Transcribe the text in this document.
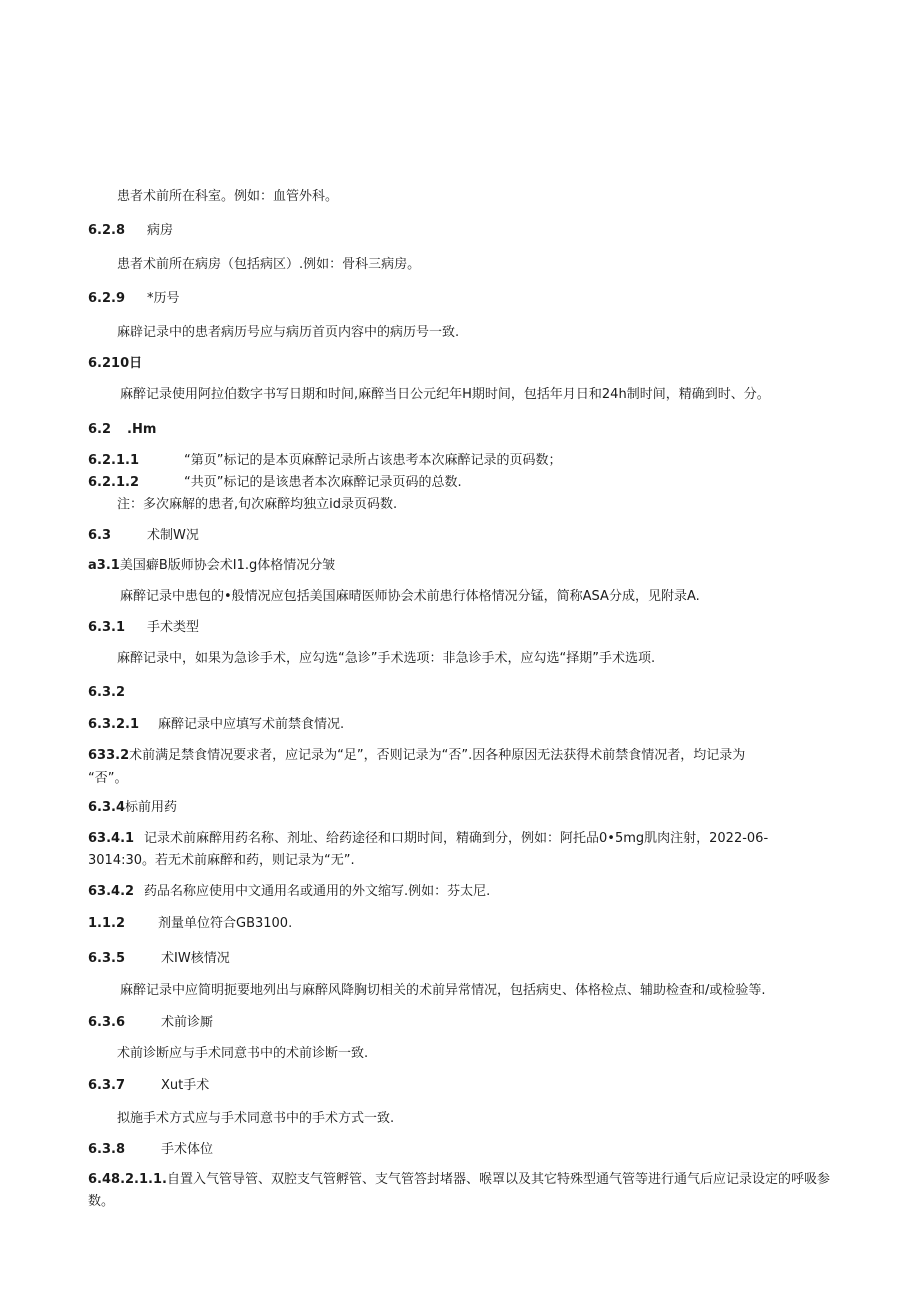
患者术前所在科室。例如：血管外科。
6.2.8 病房
患者术前所在病房（包括病区）.例如：骨科三病房。
6.2.9 *历号
麻辟记录中的患者病历号应与病历首页内容中的病历号一致.
6.210日
麻醉记录使用阿拉伯数字书写日期和时间,麻醉当日公元纪年H期时间，包括年月日和24h制时间，精确到时、分。
6.2 .Hm
6.2.1.1	“第页”标记的是本页麻醉记录所占该患考本次麻醉记录的页码数；
6.2.1.2	“共页”标记的是该患者本次麻醉记录页码的总数.
注：多次麻解的患者,旬次麻醉均独立id录页码数.
6.3	术制W况
a3.1美国癖B版师协会术I1.g体格情况分皱
麻醉记录中患包的•般情况应包括美国麻晴医师协会术前患行体格情况分锰，简称ASA分成，见附录A.
6.3.1 手术类型
麻醉记录中，如果为急诊手术，应勾选“急诊”手术选项：非急诊手术，应勾选“择期”手术选项.
6.3.2
6.3.2.1 麻醉记录中应填写术前禁食情况.
633.2术前满足禁食情况要求者，应记录为“足”，否则记录为“否”.因各种原因无法获得术前禁食情况者，均记录为
“否”。
6.3.4标前用药
63.4.1 记录术前麻醉用药名称、剂址、给药途径和口期时间，精确到分，例如：阿托品0•5mg肌肉注射，2022-06-
3014:30。若无术前麻醉和药，则记录为“无”.
63.4.2 药品名称应使用中文通用名或通用的外文缩写.例如：芬太尼.
1.1.2	剂量单位符合GB3100.
6.3.5	术IW核情况
麻醉记录中应简明扼要地列出与麻醉风降胸切相关的术前异常情况，包括病史、体格检点、辅助检查和/或检验等.
6.3.6	术前诊厮
术前诊断应与手术同意书中的术前诊断一致.
6.3.7	Xut手术
拟施手术方式应与手术同意书中的手术方式一致.
6.3.8	手术体位
6.48.2.1.1.自置入气管导管、双腔支气管孵管、支气管答封堵器、喉罩以及其它特殊型通气管等进行通气后应记录设定的呼吸参
数。
